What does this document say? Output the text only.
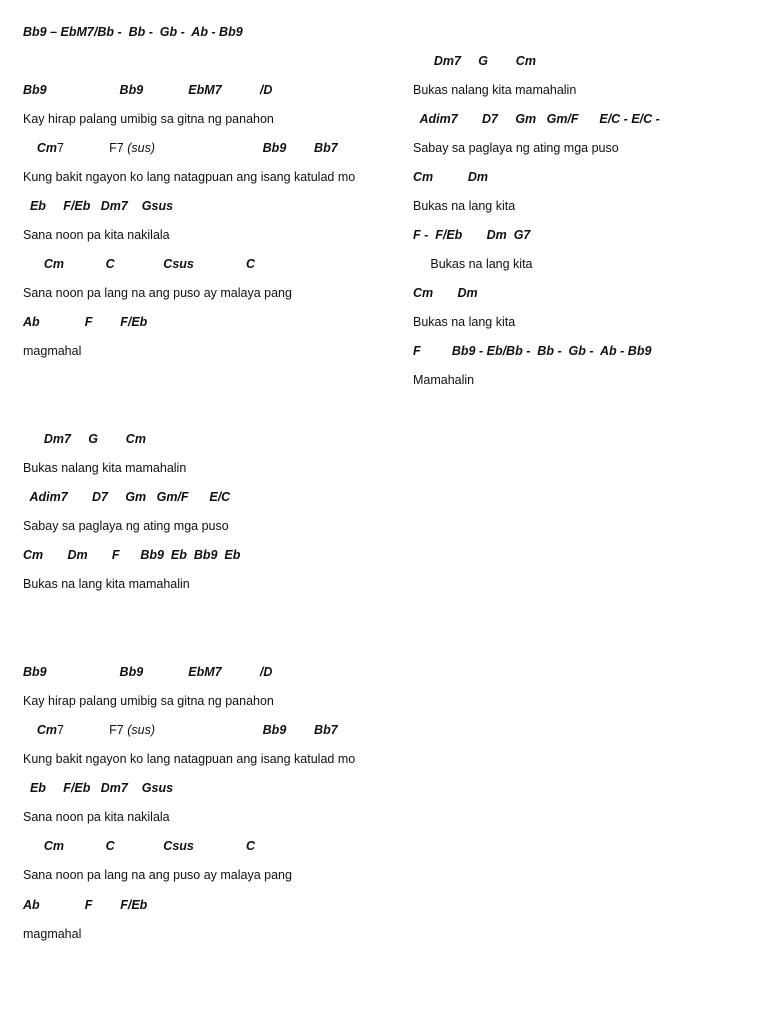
Bb9 – EbM7/Bb -  Bb -  Gb -  Ab - Bb9
Bb9                     Bb9             EbM7           /D
Kay hirap palang umibig sa gitna ng panahon
Cm7             F7 (sus)                               Bb9        Bb7
Kung bakit ngayon ko lang natagpuan ang isang katulad mo
Eb     F/Eb   Dm7    Gsus
Sana noon pa kita nakilala
Cm            C              Csus               C
Sana noon pa lang na ang puso ay malaya pang
Ab             F        F/Eb
magmahal
Dm7     G        Cm
Bukas nalang kita mamahalin
Adim7       D7     Gm   Gm/F      E/C
Sabay sa paglaya ng ating mga puso
Cm       Dm       F      Bb9  Eb  Bb9  Eb
Bukas na lang kita mamahalin
Bb9                     Bb9             EbM7           /D
Kay hirap palang umibig sa gitna ng panahon
Cm7             F7 (sus)                               Bb9        Bb7
Kung bakit ngayon ko lang natagpuan ang isang katulad mo
Eb     F/Eb   Dm7    Gsus
Sana noon pa kita nakilala
Cm            C              Csus               C
Sana noon pa lang na ang puso ay malaya pang
Ab             F        F/Eb
magmahal
Dm7     G        Cm
Bukas nalang kita mamahalin
Adim7       D7     Gm   Gm/F      E/C - E/C -
Sabay sa paglaya ng ating mga puso
Cm          Dm
Bukas na lang kita
F -  F/Eb       Dm  G7
Bukas na lang kita
Cm       Dm
Bukas na lang kita
F         Bb9 - Eb/Bb -  Bb -  Gb -  Ab - Bb9
Mamahalin
